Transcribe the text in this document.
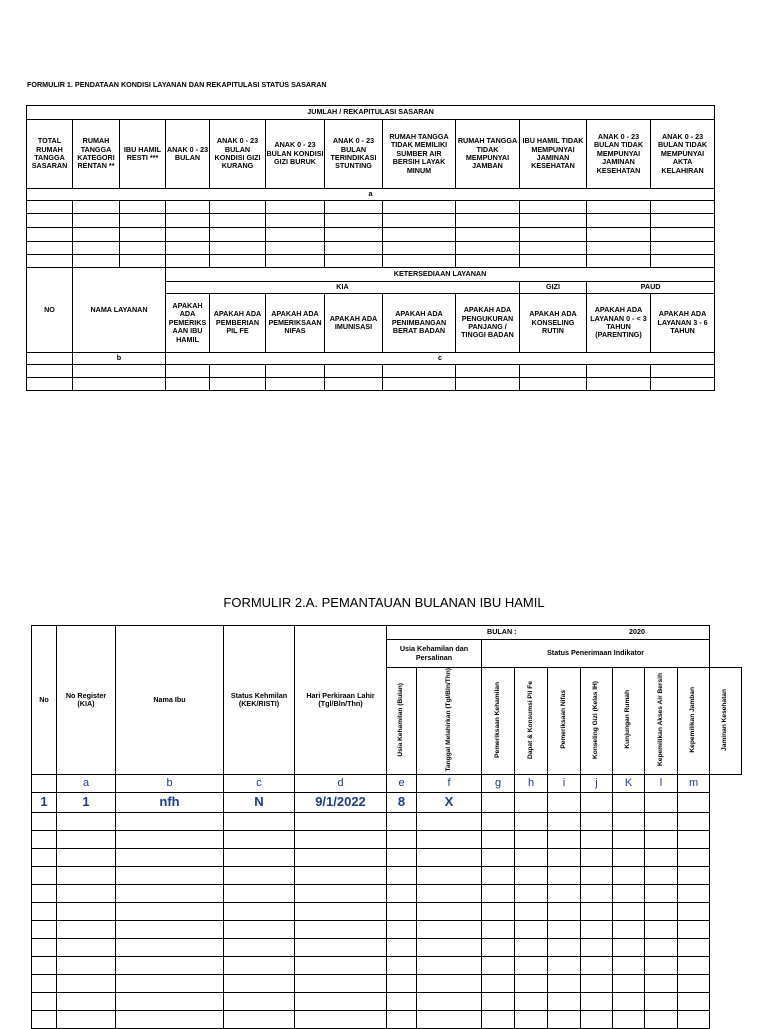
FORMULIR 1. PENDATAAN KONDISI LAYANAN DAN REKAPITULASI STATUS SASARAN
JUMLAH / REKAPITULASI SASARAN											
TOTAL RUMAH TANGGA SASARAN	RUMAH TANGGA KATEGORI RENTAN **	IBU HAMIL RESTI ***	ANAK 0 - 23 BULAN	ANAK 0 - 23 BULAN KONDISI GIZI KURANG	ANAK 0 - 23 BULAN KONDISI GIZI BURUK	ANAK 0 - 23 BULAN TERINDIKASI STUNTING	RUMAH TANGGA TIDAK MEMILIKI SUMBER AIR BERSIH LAYAK MINUM	RUMAH TANGGA TIDAK MEMPUNYAI JAMBAN	IBU HAMIL TIDAK MEMPUNYAI JAMINAN KESEHATAN	ANAK 0 - 23 BULAN TIDAK MEMPUNYAI JAMINAN KESEHATAN	ANAK 0 - 23 BULAN TIDAK MEMPUNYAI AKTA KELAHIRAN
a											

NO	NAMA LAYANAN		KETERSEDIAAN LAYANAN								
			KIA						GIZI	PAUD	
			APAKAH ADA PEMERIKS AAN IBU HAMIL	APAKAH ADA PEMBERIAN PIL FE	APAKAH ADA PEMERIKSAAN NIFAS	APAKAH ADA IMUNISASI	APAKAH ADA PENIMBANGAN BERAT BADAN	APAKAH ADA PENGUKURAN PANJANG / TINGGI BADAN	APAKAH ADA KONSELING RUTIN	APAKAH ADA LAYANAN 0 - < 3 TAHUN (PARENTING)	APAKAH ADA LAYANAN 3 - 6 TAHUN
	b		c								

FORMULIR 2.A. PEMANTAUAN BULANAN IBU HAMIL
No	No Register (KIA)	Nama Ibu	Status Kehmilan (KEK/RISTI)	Hari Perkiraan Lahir (Tgl/Bln/Thn)	BULAN : 2020									
					Usia Kehamilan dan Persalinan		Status Penerimaan Indikator							
					Usia Kehamilan (Bulan)	Tanggal Melahirkan (Tgl/Bln/Thn)	Pemeriksaan Kehamilan	Dapat & Konsumsi Pil Fe	Pemeriksaan Nifas	Konseling Gizi (Kelas IH)	Kunjungan Rumah	Kepemilikan Akses Air Bersih	Kepemilikan Jamban	Jaminan Kesehatan
	a	b	c	d	e	f	g	h	i	j	K	l	m	
1	1	nfh	N	9/1/2022	8	X								
